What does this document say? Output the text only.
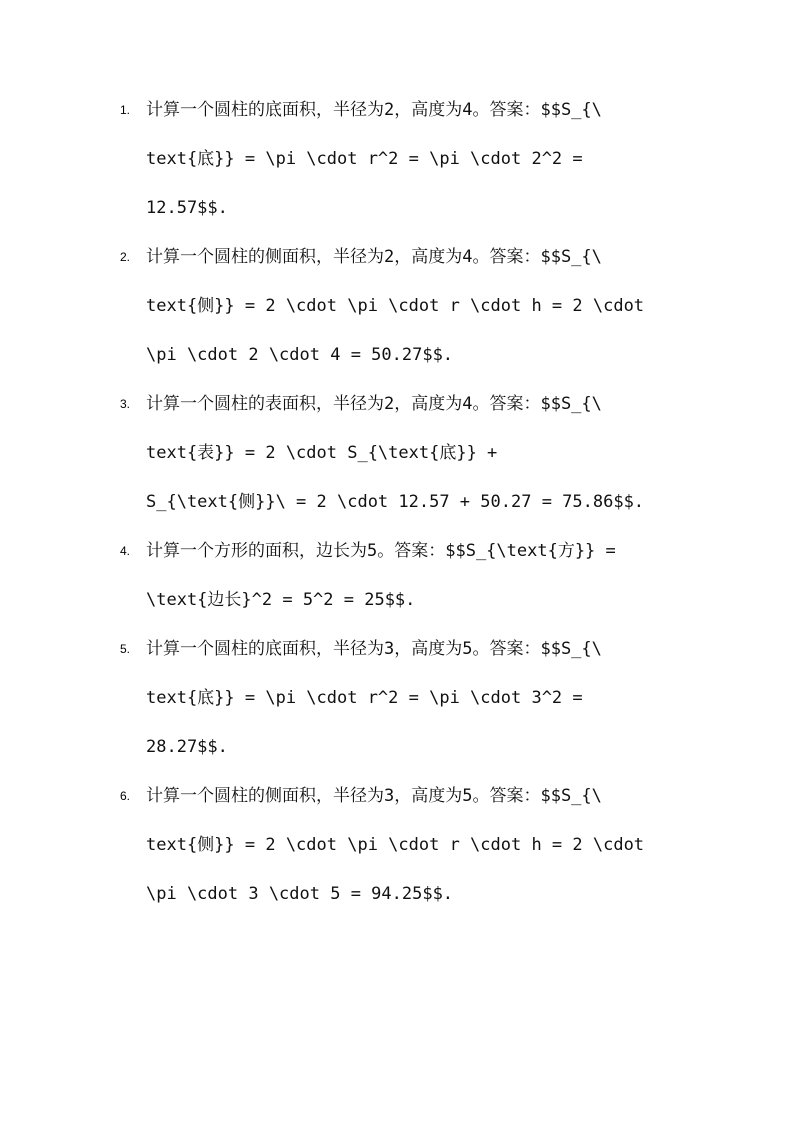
1. 计算一个圆柱的底面积，半径为2，高度为4。答案：$$S_{\
text{底}} = \pi \cdot r^2 = \pi \cdot 2^2 =
12.57$$.
2. 计算一个圆柱的侧面积，半径为2，高度为4。答案：$$S_{\
text{侧}} = 2 \cdot \pi \cdot r \cdot h = 2 \cdot
\pi \cdot 2 \cdot 4 = 50.27$$.
3. 计算一个圆柱的表面积，半径为2，高度为4。答案：$$S_{\
text{表}} = 2 \cdot S_{\text{底}} +
S_{\text{侧}}\ = 2 \cdot 12.57 + 50.27 = 75.86$$.
4. 计算一个方形的面积，边长为5。答案：$$S_{\text{方}} =
\text{边长}^2 = 5^2 = 25$$.
5. 计算一个圆柱的底面积，半径为3，高度为5。答案：$$S_{\
text{底}} = \pi \cdot r^2 = \pi \cdot 3^2 =
28.27$$.
6. 计算一个圆柱的侧面积，半径为3，高度为5。答案：$$S_{\
text{侧}} = 2 \cdot \pi \cdot r \cdot h = 2 \cdot
\pi \cdot 3 \cdot 5 = 94.25$$.
